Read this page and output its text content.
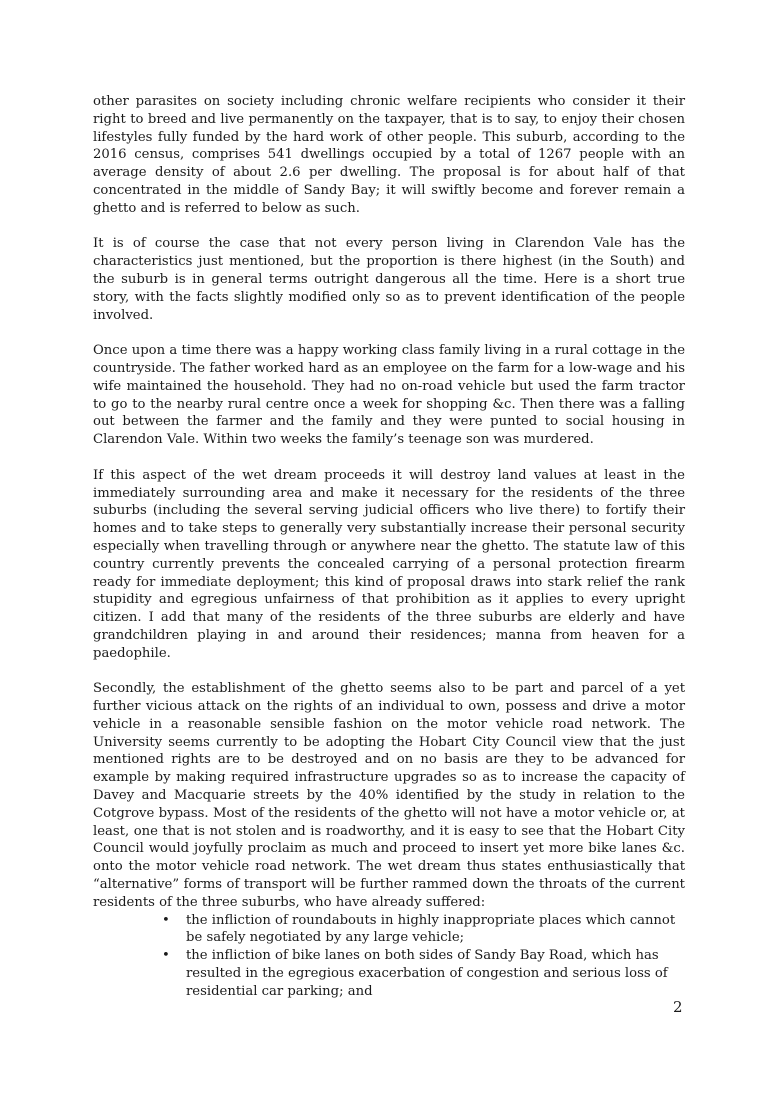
other parasites on society including chronic welfare recipients who consider it their right to breed and live permanently on the taxpayer, that is to say, to enjoy their chosen lifestyles fully funded by the hard work of other people. This suburb, according to the 2016 census, comprises 541 dwellings occupied by a total of 1267 people with an average density of about 2.6 per dwelling. The proposal is for about half of that concentrated in the middle of Sandy Bay; it will swiftly become and forever remain a ghetto and is referred to below as such.

It is of course the case that not every person living in Clarendon Vale has the characteristics just mentioned, but the proportion is there highest (in the South) and the suburb is in general terms outright dangerous all the time. Here is a short true story, with the facts slightly modified only so as to prevent identification of the people involved.

Once upon a time there was a happy working class family living in a rural cottage in the countryside. The father worked hard as an employee on the farm for a low-wage and his wife maintained the household. They had no on-road vehicle but used the farm tractor to go to the nearby rural centre once a week for shopping &c. Then there was a falling out between the farmer and the family and they were punted to social housing in Clarendon Vale. Within two weeks the family’s teenage son was murdered.

If this aspect of the wet dream proceeds it will destroy land values at least in the immediately surrounding area and make it necessary for the residents of the three suburbs (including the several serving judicial officers who live there) to fortify their homes and to take steps to generally very substantially increase their personal security especially when travelling through or anywhere near the ghetto. The statute law of this country currently prevents the concealed carrying of a personal protection firearm ready for immediate deployment; this kind of proposal draws into stark relief the rank stupidity and egregious unfairness of that prohibition as it applies to every upright citizen. I add that many of the residents of the three suburbs are elderly and have grandchildren playing in and around their residences; manna from heaven for a paedophile.

Secondly, the establishment of the ghetto seems also to be part and parcel of a yet further vicious attack on the rights of an individual to own, possess and drive a motor vehicle in a reasonable sensible fashion on the motor vehicle road network. The University seems currently to be adopting the Hobart City Council view that the just mentioned rights are to be destroyed and on no basis are they to be advanced for example by making required infrastructure upgrades so as to increase the capacity of Davey and Macquarie streets by the 40% identified by the study in relation to the Cotgrove bypass. Most of the residents of the ghetto will not have a motor vehicle or, at least, one that is not stolen and is roadworthy, and it is easy to see that the Hobart City Council would joyfully proclaim as much and proceed to insert yet more bike lanes &c. onto the motor vehicle road network. The wet dream thus states enthusiastically that “alternative” forms of transport will be further rammed down the throats of the current residents of the three suburbs, who have already suffered:

• the infliction of roundabouts in highly inappropriate places which cannot be safely negotiated by any large vehicle;
• the infliction of bike lanes on both sides of Sandy Bay Road, which has resulted in the egregious exacerbation of congestion and serious loss of residential car parking; and
2
